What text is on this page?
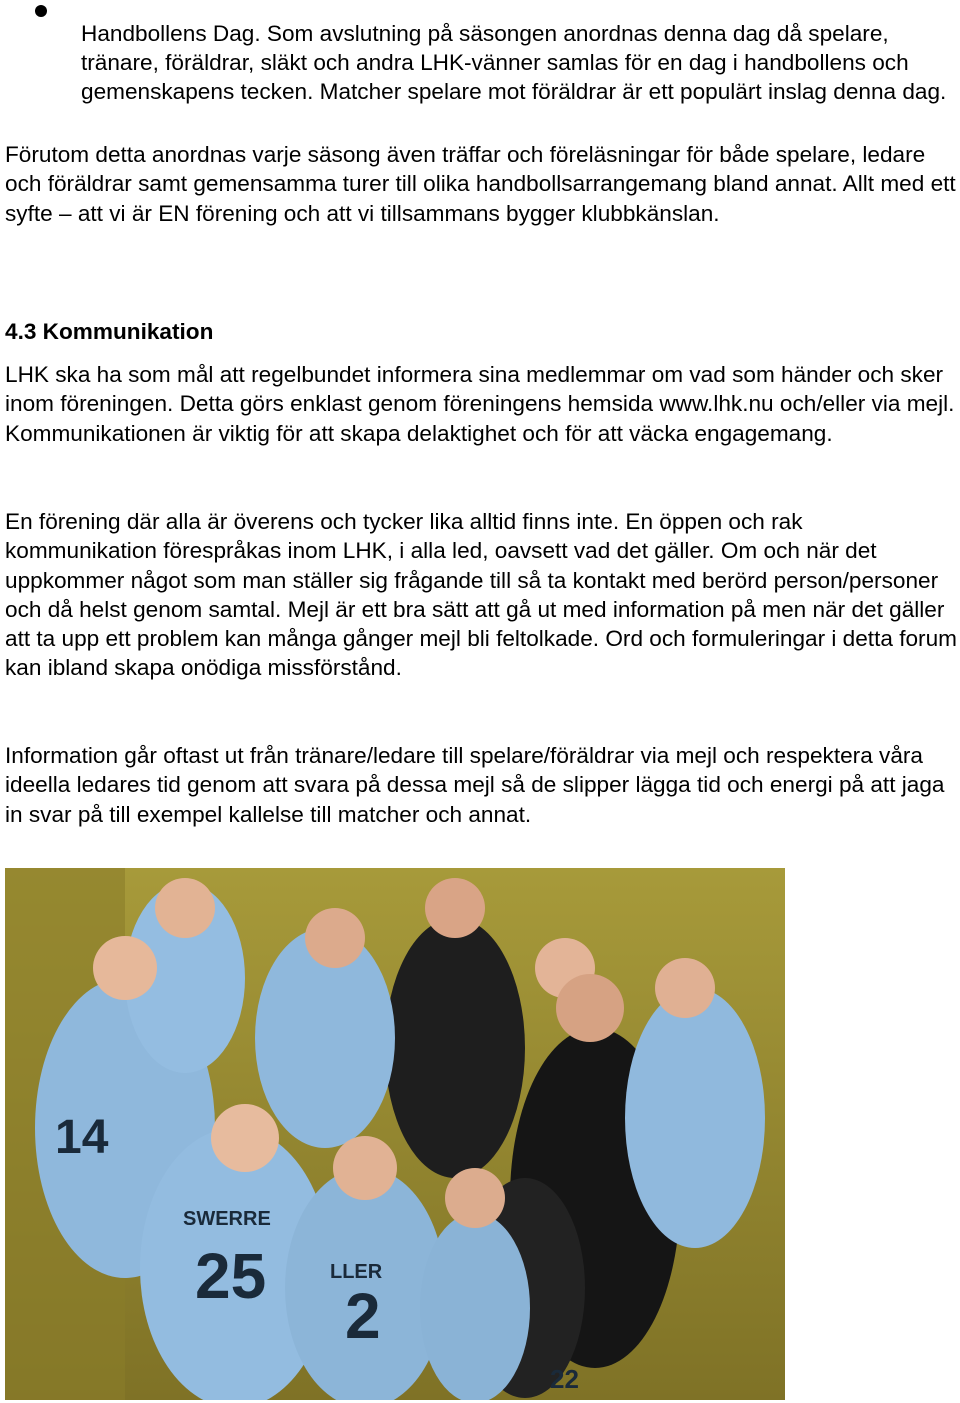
Handbollens Dag. Som avslutning på säsongen anordnas denna dag då spelare, tränare, föräldrar, släkt och andra LHK-vänner samlas för en dag i handbollens och gemenskapens tecken. Matcher spelare mot föräldrar är ett populärt inslag denna dag.

Förutom detta anordnas varje säsong även träffar och föreläsningar för både spelare, ledare och föräldrar samt gemensamma turer till olika handbollsarrangemang bland annat. Allt med ett syfte – att vi är EN förening och att vi tillsammans bygger klubbkänslan.

4.3 Kommunikation

LHK ska ha som mål att regelbundet informera sina medlemmar om vad som händer och sker inom föreningen. Detta görs enklast genom föreningens hemsida www.lhk.nu och/eller via mejl. Kommunikationen är viktig för att skapa delaktighet och för att väcka engagemang.

En förening där alla är överens och tycker lika alltid finns inte. En öppen och rak kommunikation förespråkas inom LHK, i alla led, oavsett vad det gäller. Om och när det uppkommer något som man ställer sig frågande till så ta kontakt med berörd person/personer och då helst genom samtal. Mejl är ett bra sätt att gå ut med information på men när det gäller att ta upp ett problem kan många gånger mejl bli feltolkade. Ord och formuleringar i detta forum kan ibland skapa onödiga missförstånd.

Information går oftast ut från tränare/ledare till spelare/föräldrar via mejl och respektera våra ideella ledares tid genom att svara på dessa mejl så de slipper lägga tid och energi på att jaga in svar på till exempel kallelse till matcher och annat.

SWERRE
25
2
14
22
LLER
